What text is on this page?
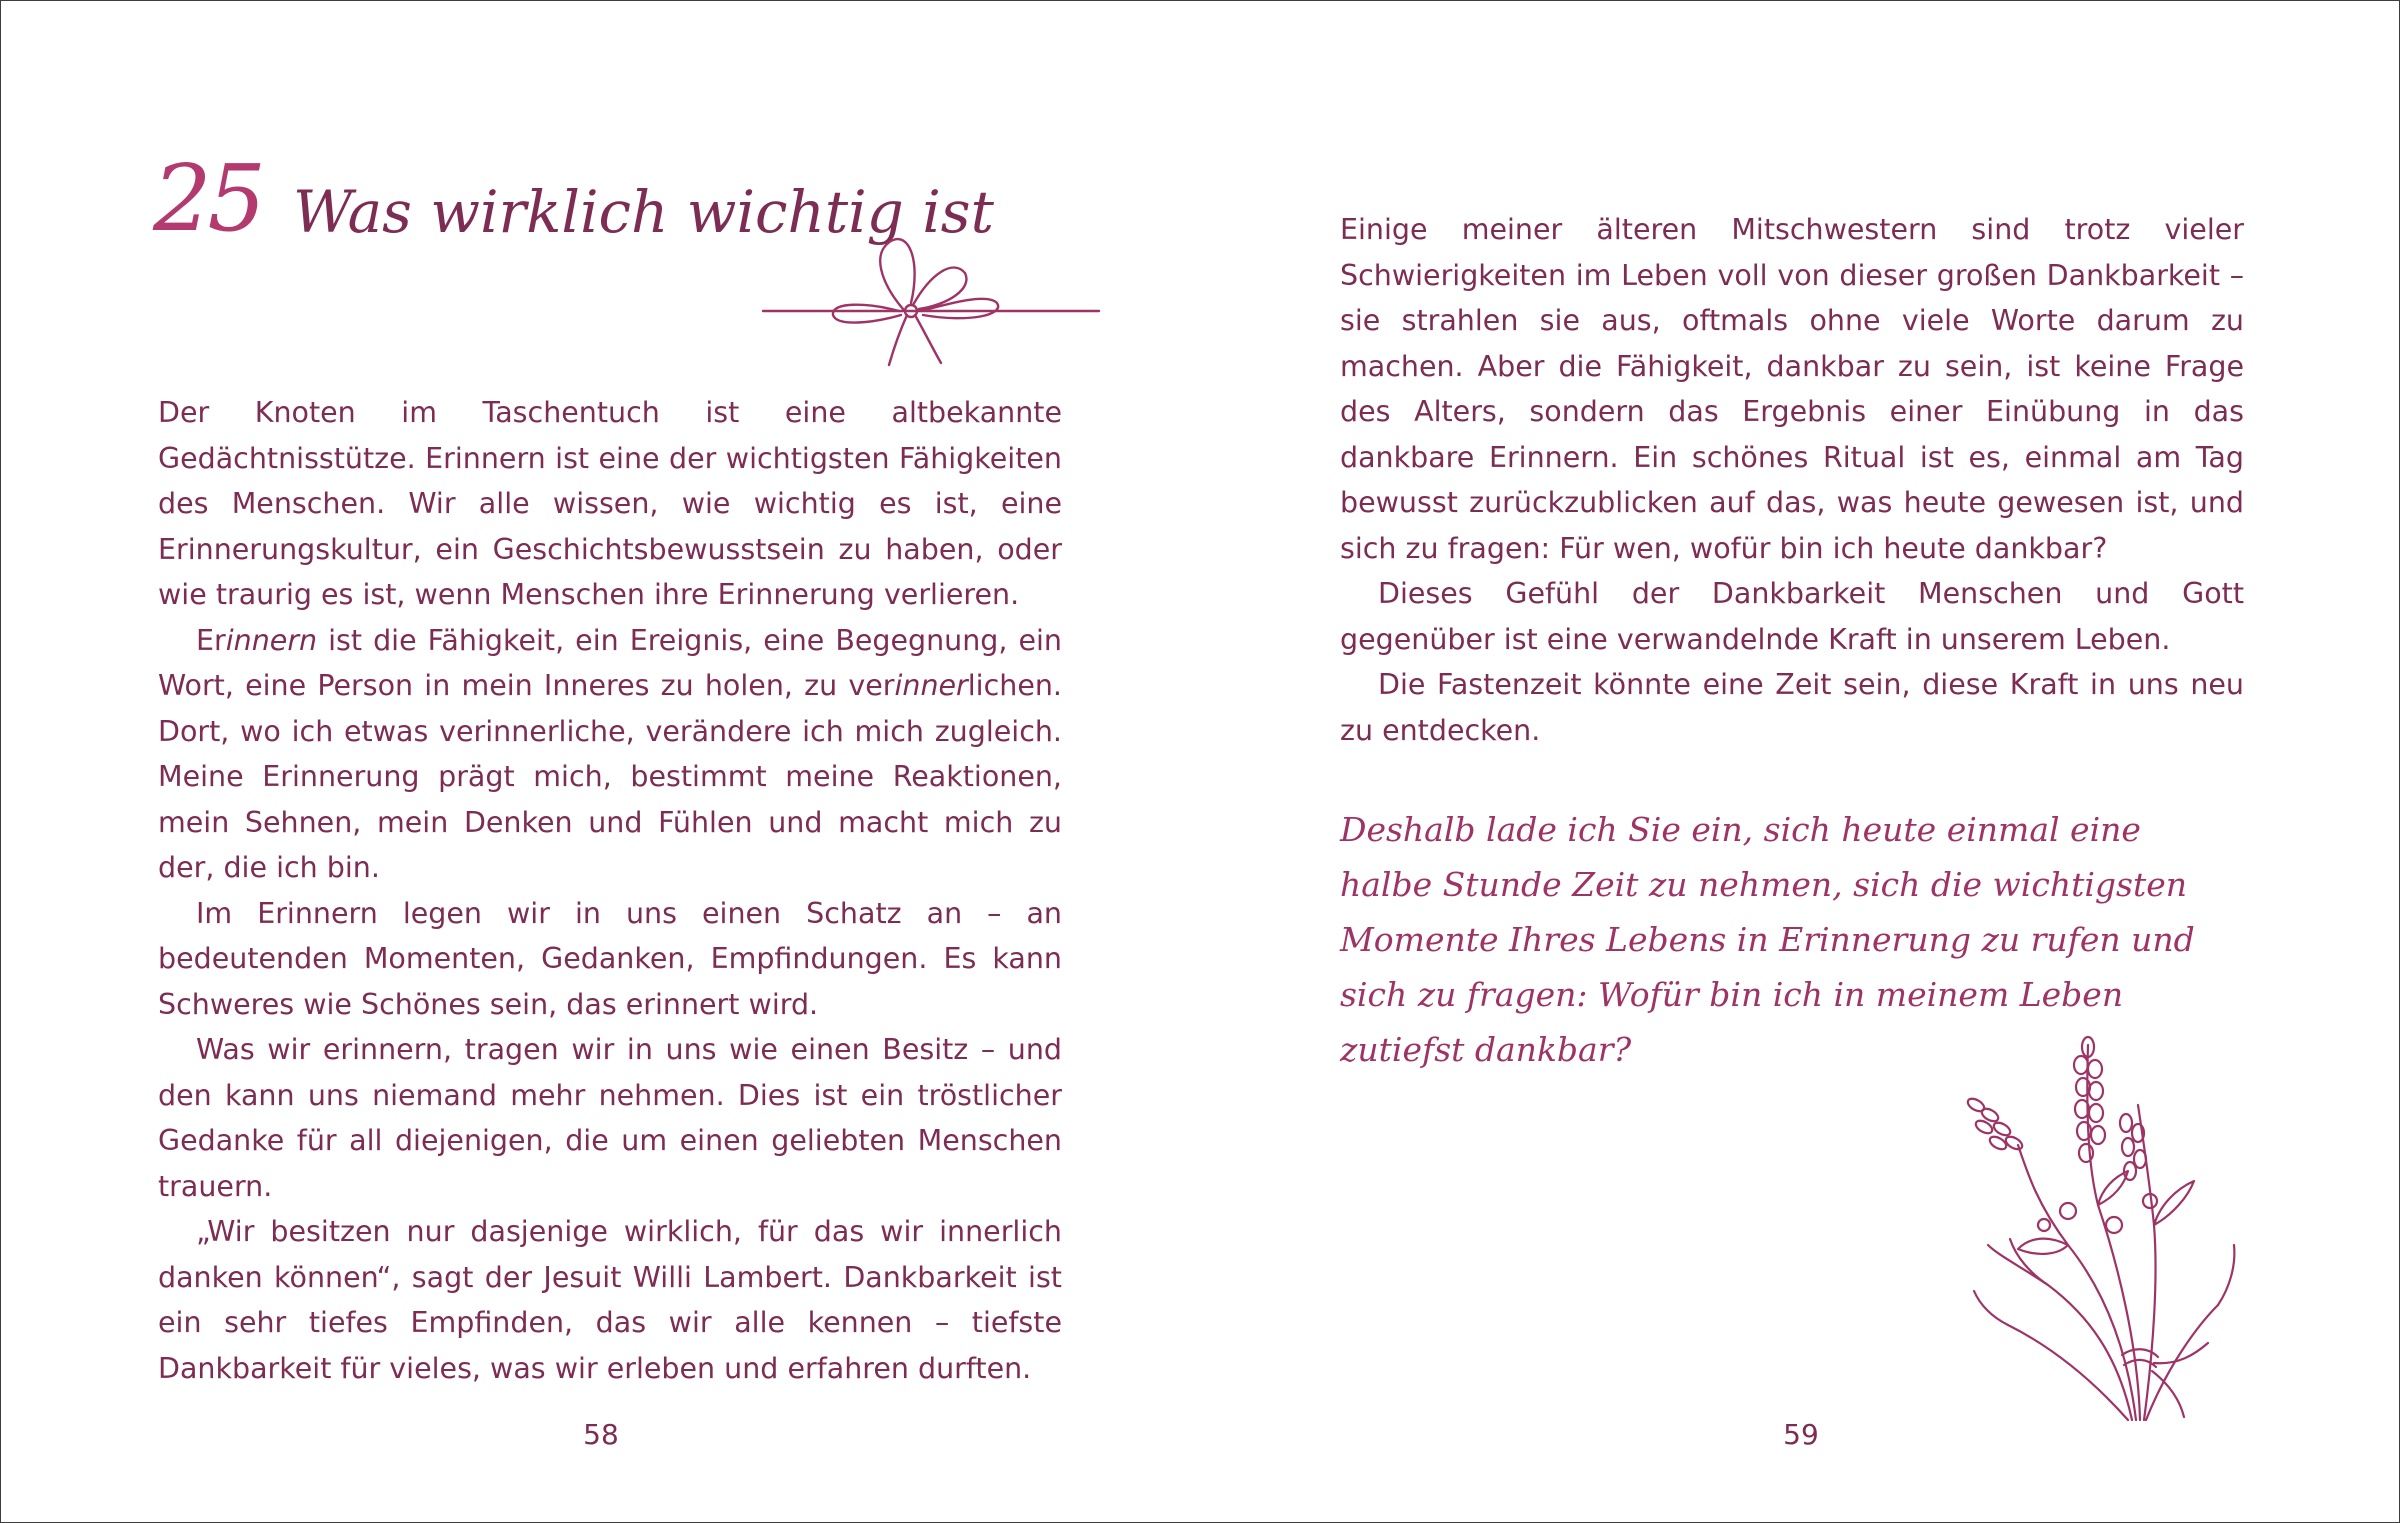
25 Was wirklich wichtig ist

Der Knoten im Taschentuch ist eine altbekannte Gedächtnisstütze. Erinnern ist eine der wichtigsten Fähigkeiten des Menschen. Wir alle wissen, wie wichtig es ist, eine Erinnerungskultur, ein Geschichtsbewusstsein zu haben, oder wie traurig es ist, wenn Menschen ihre Erinnerung verlieren.

Erinnern ist die Fähigkeit, ein Ereignis, eine Begegnung, ein Wort, eine Person in mein Inneres zu holen, zu verinnerlichen. Dort, wo ich etwas verinnerliche, verändere ich mich zugleich. Meine Erinnerung prägt mich, bestimmt meine Reaktionen, mein Sehnen, mein Denken und Fühlen und macht mich zu der, die ich bin.

Im Erinnern legen wir in uns einen Schatz an – an bedeutenden Momenten, Gedanken, Empfindungen. Es kann Schweres wie Schönes sein, das erinnert wird.

Was wir erinnern, tragen wir in uns wie einen Besitz – und den kann uns niemand mehr nehmen. Dies ist ein tröstlicher Gedanke für all diejenigen, die um einen geliebten Menschen trauern.

„Wir besitzen nur dasjenige wirklich, für das wir innerlich danken können“, sagt der Jesuit Willi Lambert. Dankbarkeit ist ein sehr tiefes Empfinden, das wir alle kennen – tiefste Dankbarkeit für vieles, was wir erleben und erfahren durften.

58

Einige meiner älteren Mitschwestern sind trotz vieler Schwierigkeiten im Leben voll von dieser großen Dankbarkeit – sie strahlen sie aus, oftmals ohne viele Worte darum zu machen. Aber die Fähigkeit, dankbar zu sein, ist keine Frage des Alters, sondern das Ergebnis einer Einübung in das dankbare Erinnern. Ein schönes Ritual ist es, einmal am Tag bewusst zurückzublicken auf das, was heute gewesen ist, und sich zu fragen: Für wen, wofür bin ich heute dankbar?

Dieses Gefühl der Dankbarkeit Menschen und Gott gegenüber ist eine verwandelnde Kraft in unserem Leben.

Die Fastenzeit könnte eine Zeit sein, diese Kraft in uns neu zu entdecken.

Deshalb lade ich Sie ein, sich heute einmal eine halbe Stunde Zeit zu nehmen, sich die wichtigsten Momente Ihres Lebens in Erinnerung zu rufen und sich zu fragen: Wofür bin ich in meinem Leben zutiefst dankbar?
59
